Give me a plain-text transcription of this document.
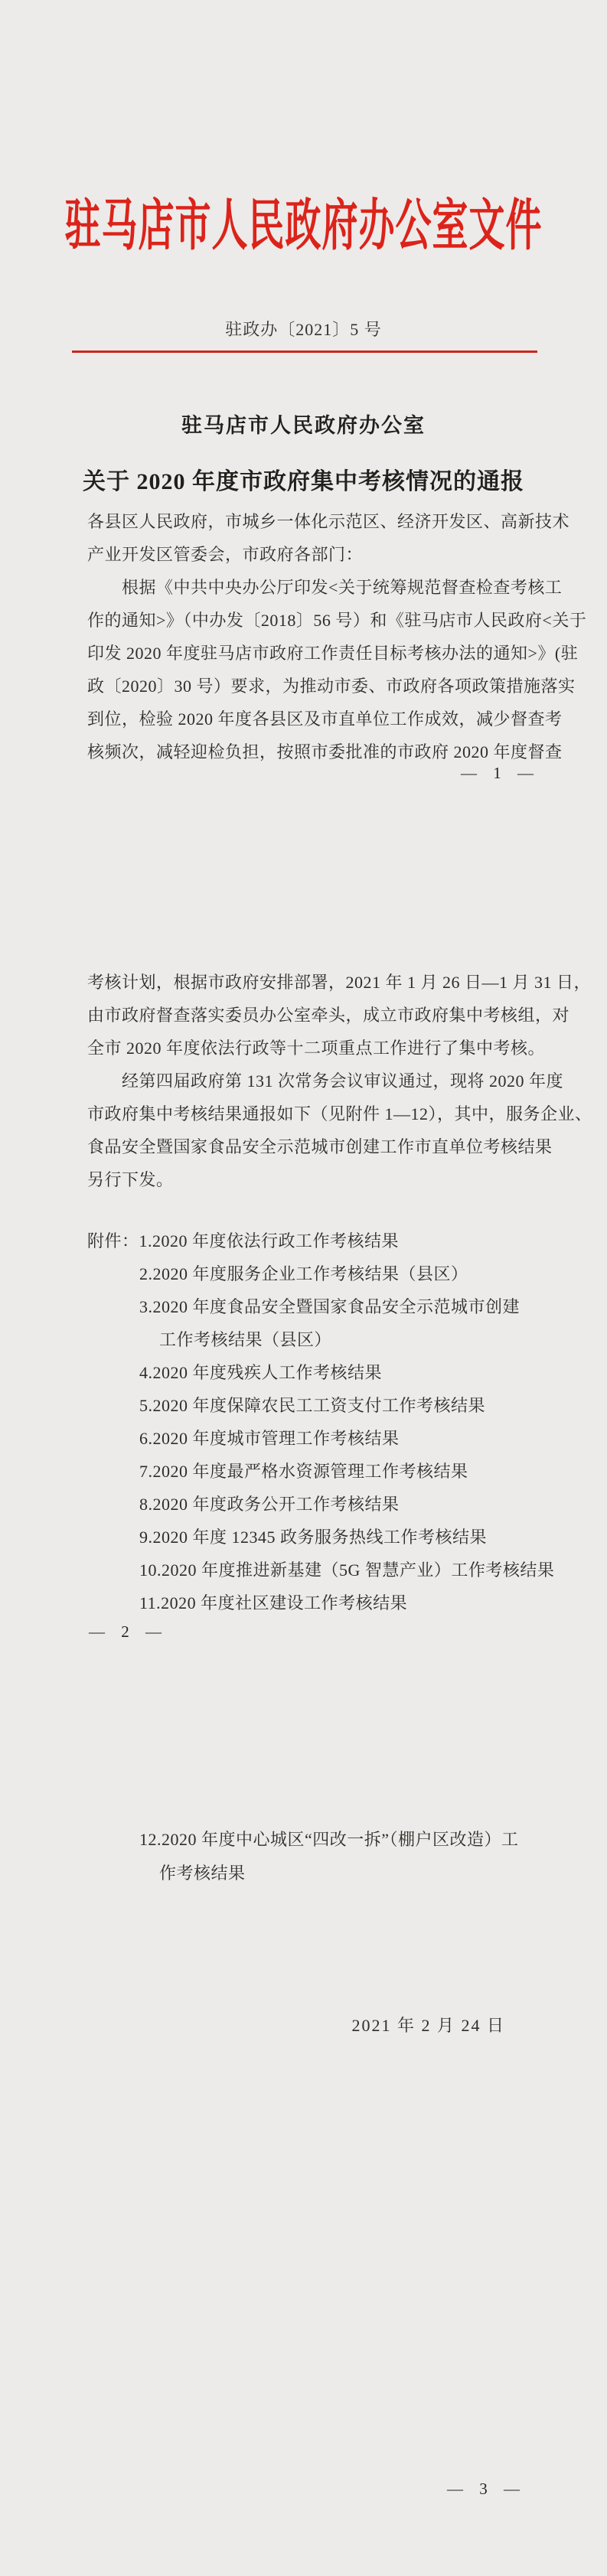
驻马店市人民政府办公室文件
驻政办〔2021〕5 号
驻马店市人民政府办公室
关于 2020 年度市政府集中考核情况的通报
各县区人民政府，市城乡一体化示范区、经济开发区、高新技术
产业开发区管委会，市政府各部门：
　　根据《中共中央办公厅印发<关于统筹规范督查检查考核工
作的通知>》（中办发〔2018〕56 号）和《驻马店市人民政府<关于
印发 2020 年度驻马店市政府工作责任目标考核办法的通知>》(驻
政〔2020〕30 号）要求，为推动市委、市政府各项政策措施落实
到位，检验 2020 年度各县区及市直单位工作成效，减少督查考
核频次，减轻迎检负担，按照市委批准的市政府 2020 年度督查
— 1 —
考核计划，根据市政府安排部署，2021 年 1 月 26 日—1 月 31 日，
由市政府督查落实委员办公室牵头，成立市政府集中考核组，对
全市 2020 年度依法行政等十二项重点工作进行了集中考核。
　　经第四届政府第 131 次常务会议审议通过，现将 2020 年度
市政府集中考核结果通报如下（见附件 1—12），其中，服务企业、
食品安全暨国家食品安全示范城市创建工作市直单位考核结果
另行下发。
附件：1.2020 年度依法行政工作考核结果
2.2020 年度服务企业工作考核结果（县区）
3.2020 年度食品安全暨国家食品安全示范城市创建
工作考核结果（县区）
4.2020 年度残疾人工作考核结果
5.2020 年度保障农民工工资支付工作考核结果
6.2020 年度城市管理工作考核结果
7.2020 年度最严格水资源管理工作考核结果
8.2020 年度政务公开工作考核结果
9.2020 年度 12345 政务服务热线工作考核结果
10.2020 年度推进新基建（5G 智慧产业）工作考核结果
11.2020 年度社区建设工作考核结果
— 2 —
12.2020 年度中心城区“四改一拆”（棚户区改造）工
作考核结果
2021 年 2 月 24 日
— 3 —
